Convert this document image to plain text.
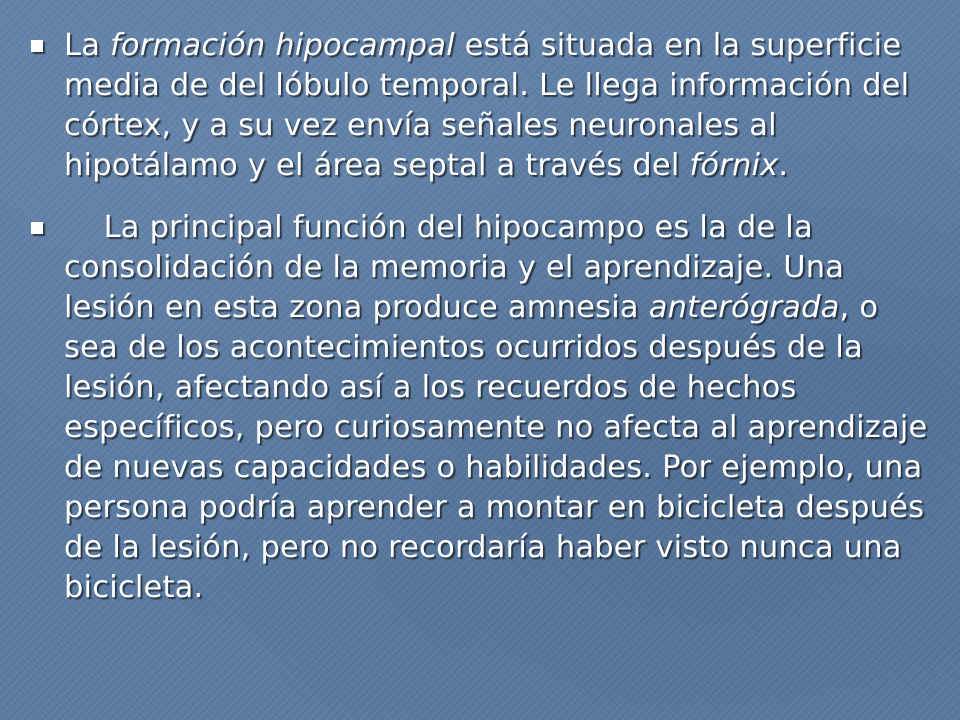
La formación hipocampal está situada en la superficie media de del lóbulo temporal. Le llega información del córtex, y a su vez envía señales neuronales al hipotálamo y el área septal a través del fórnix.
La principal función del hipocampo es la de la consolidación de la memoria y el aprendizaje. Una lesión en esta zona produce amnesia anterógrada, o sea de los acontecimientos ocurridos después de la lesión, afectando así a los recuerdos de hechos específicos, pero curiosamente no afecta al aprendizaje de nuevas capacidades o habilidades. Por ejemplo, una persona podría aprender a montar en bicicleta después de la lesión, pero no recordaría haber visto nunca una bicicleta.
